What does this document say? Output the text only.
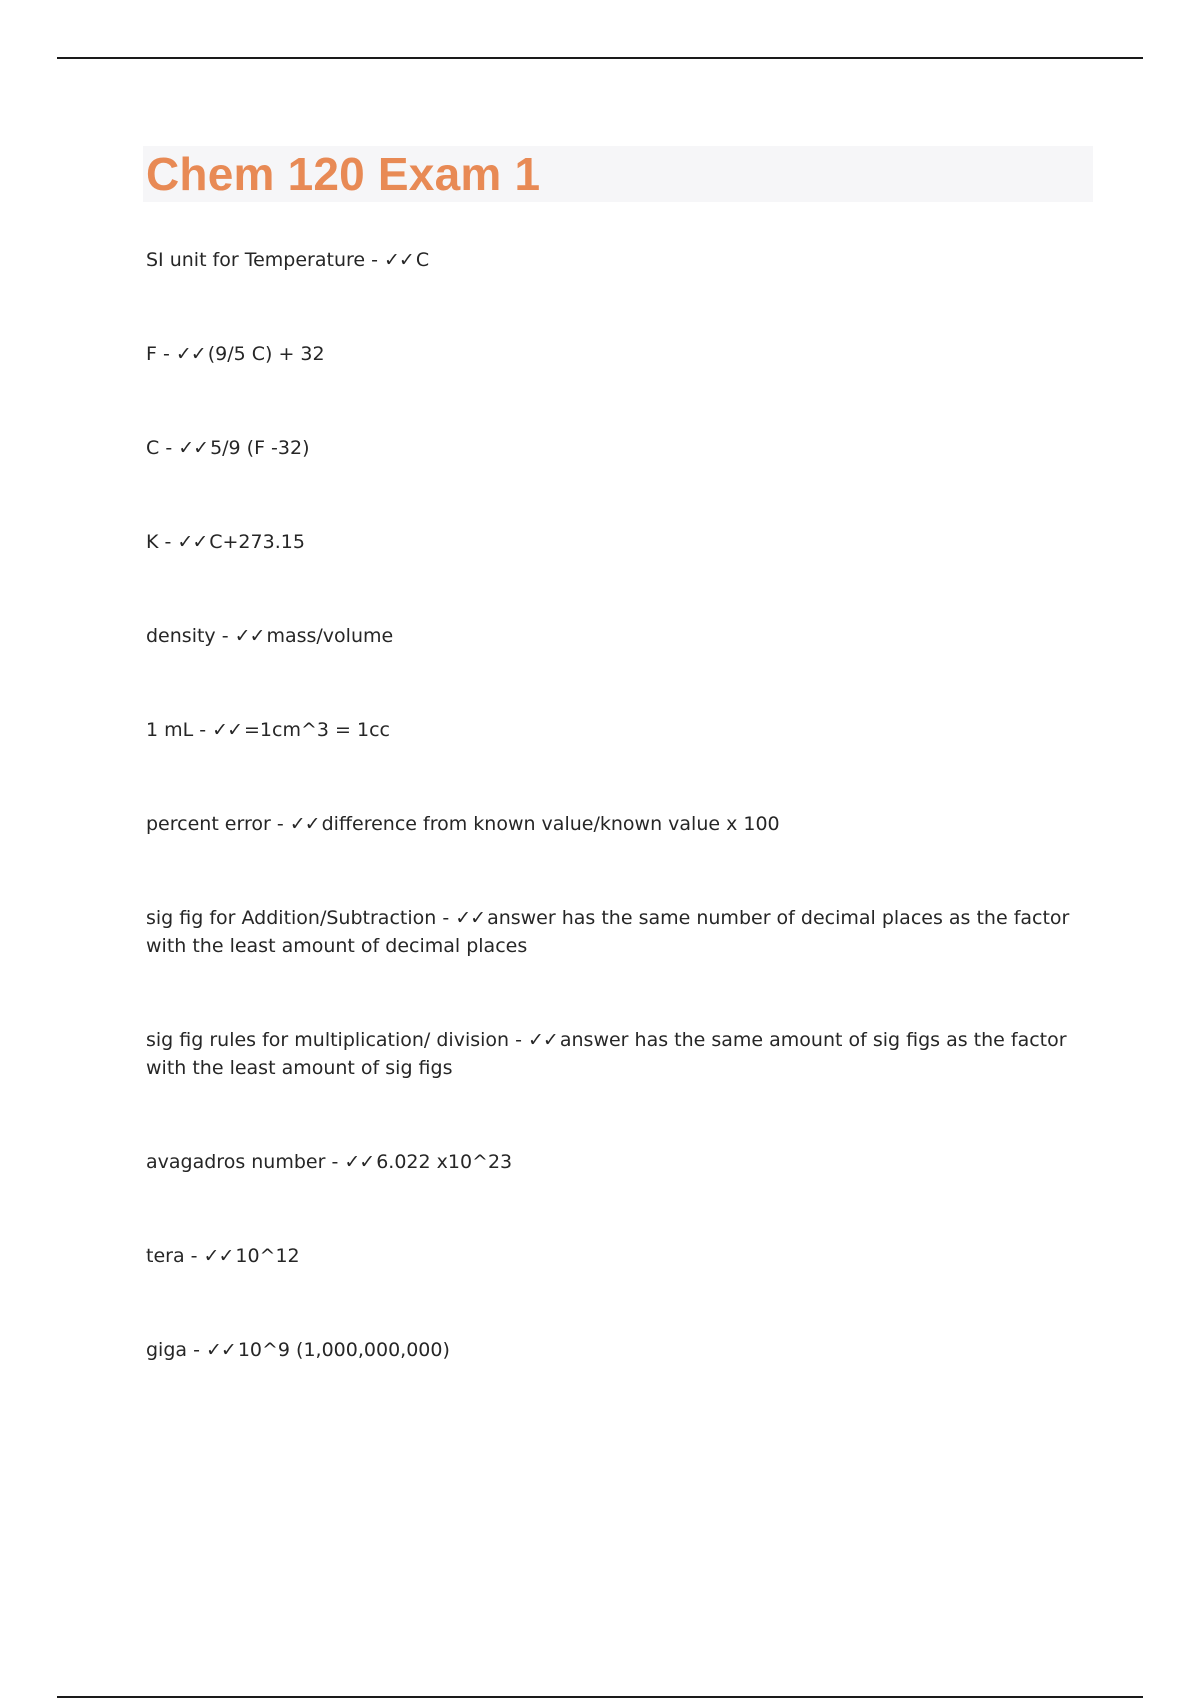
Chem 120 Exam 1
SI unit for Temperature - ✓✓ C
F - ✓✓ (9/5 C) + 32
C - ✓✓ 5/9 (F -32)
K - ✓✓ C+273.15
density - ✓✓ mass/volume
1 mL - ✓✓ =1cm^3 = 1cc
percent error - ✓✓ difference from known value/known value x 100
sig fig for Addition/Subtraction - ✓✓ answer has the same number of decimal places as the factor with the least amount of decimal places
sig fig rules for multiplication/ division - ✓✓ answer has the same amount of sig figs as the factor with the least amount of sig figs
avagadros number - ✓✓ 6.022 x10^23
tera - ✓✓ 10^12
giga - ✓✓ 10^9 (1,000,000,000)
